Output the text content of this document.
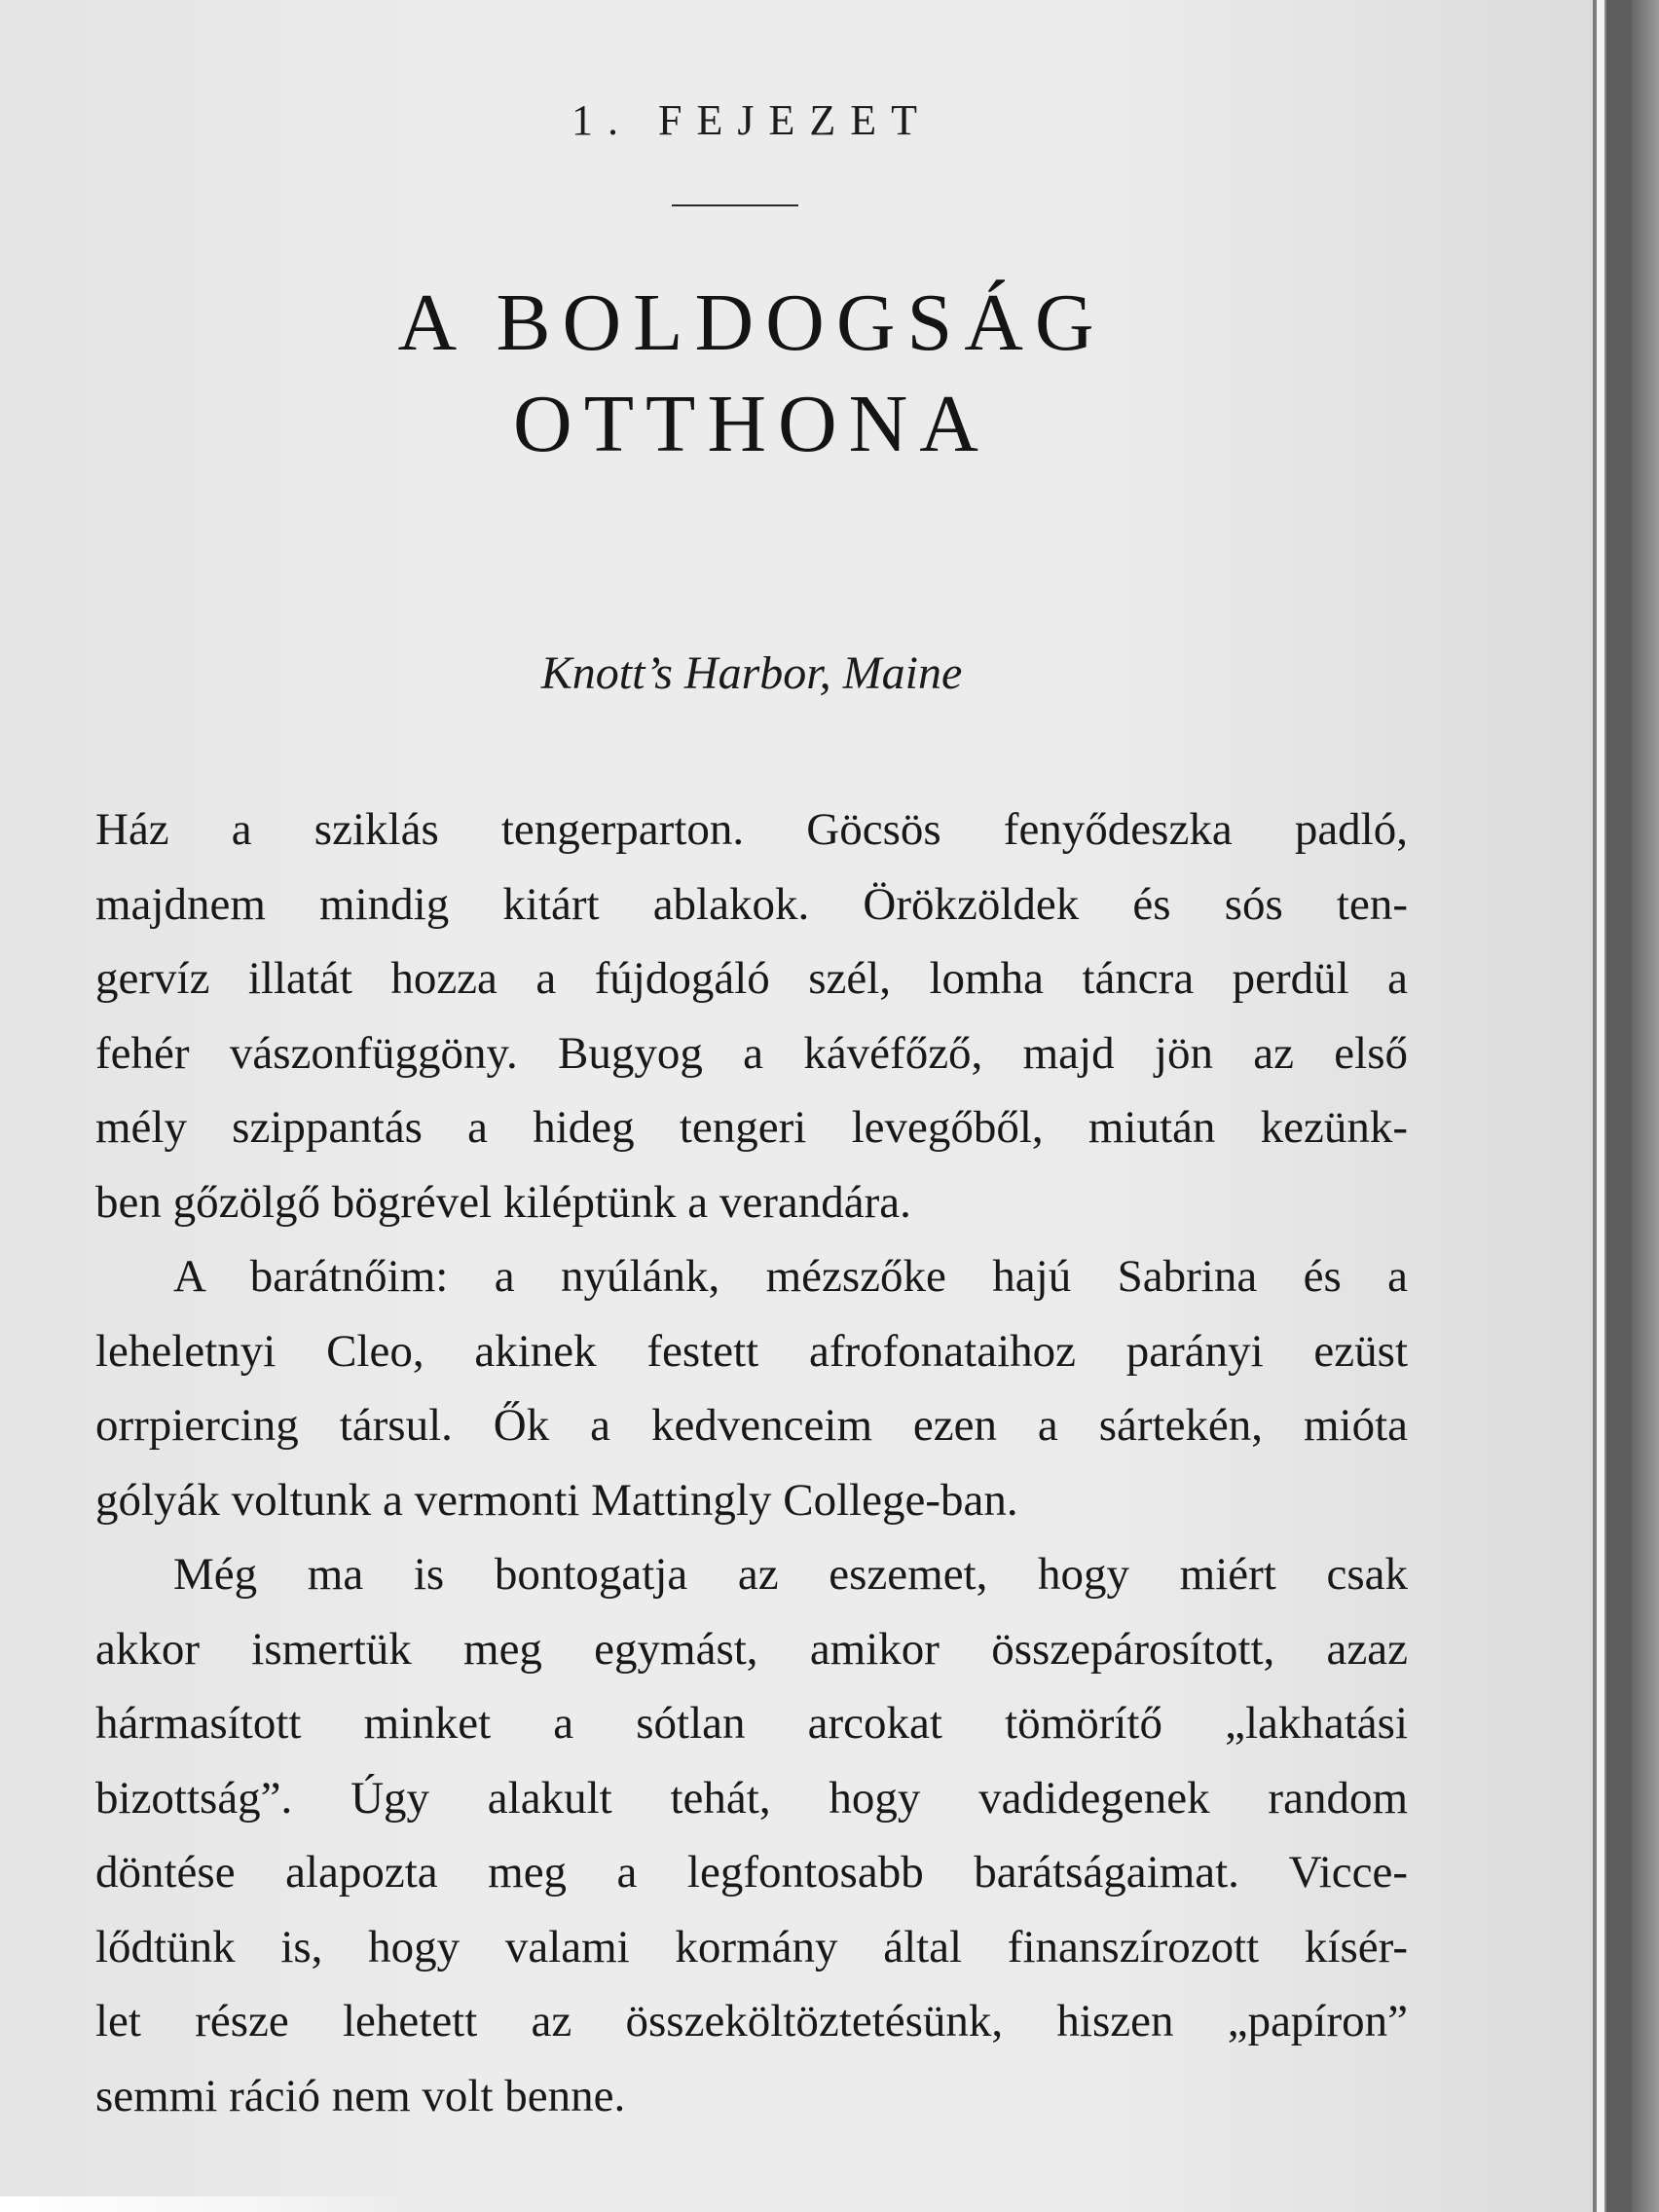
1. FEJEZET
A BOLDOGSÁG
OTTHONA
Knott’s Harbor, Maine
Ház a sziklás tengerparton. Göcsös fenyődeszka padló,
majdnem mindig kitárt ablakok. Örökzöldek és sós ten-
gervíz illatát hozza a fújdogáló szél, lomha táncra perdül a
fehér vászonfüggöny. Bugyog a kávéfőző, majd jön az első
mély szippantás a hideg tengeri levegőből, miután kezünk-
ben gőzölgő bögrével kiléptünk a verandára.
A barátnőim: a nyúlánk, mézszőke hajú Sabrina és a
leheletnyi Cleo, akinek festett afrofonataihoz parányi ezüst
orrpiercing társul. Ők a kedvenceim ezen a sártekén, mióta
gólyák voltunk a vermonti Mattingly College-ban.
Még ma is bontogatja az eszemet, hogy miért csak
akkor ismertük meg egymást, amikor összepárosított, azaz
hármasított minket a sótlan arcokat tömörítő „lakhatási
bizottság”. Úgy alakult tehát, hogy vadidegenek random
döntése alapozta meg a legfontosabb barátságaimat. Vicce-
lődtünk is, hogy valami kormány által finanszírozott kísér-
let része lehetett az összeköltöztetésünk, hiszen „papíron”
semmi ráció nem volt benne.
